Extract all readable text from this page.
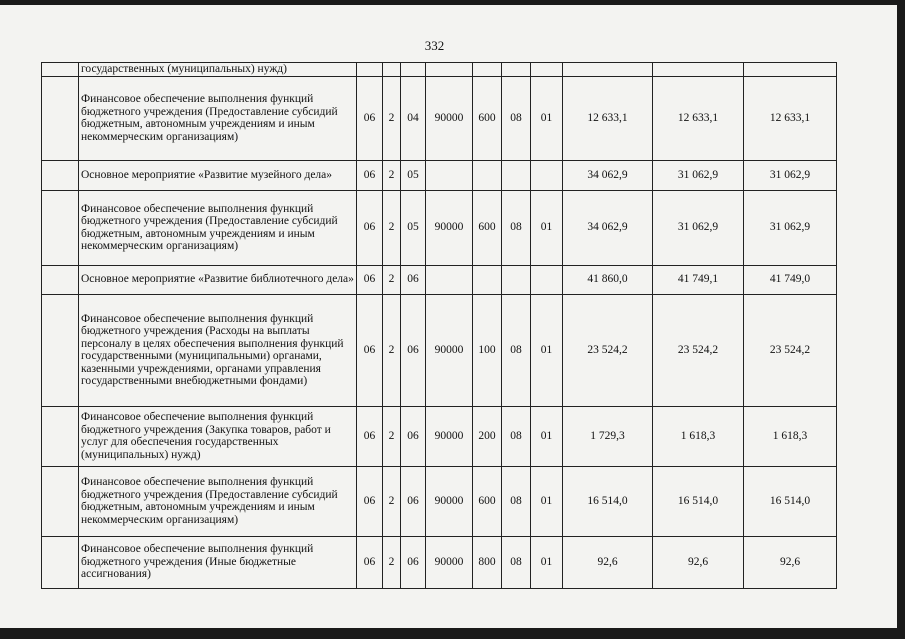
332
	государственных (муниципальных) нужд)										
	Финансовое обеспечение выполнения функций бюджетного учреждения (Предоставление субсидий бюджетным, автономным учреждениям и иным некоммерческим организациям)	06	2	04	90000	600	08	01	12 633,1	12 633,1	12 633,1
	Основное мероприятие «Развитие музейного дела»	06	2	05					34 062,9	31 062,9	31 062,9
	Финансовое обеспечение выполнения функций бюджетного учреждения (Предоставление субсидий бюджетным, автономным учреждениям и иным некоммерческим организациям)	06	2	05	90000	600	08	01	34 062,9	31 062,9	31 062,9
	Основное мероприятие «Развитие библиотечного дела»	06	2	06					41 860,0	41 749,1	41 749,0
	Финансовое обеспечение выполнения функций бюджетного учреждения (Расходы на выплаты персоналу в целях обеспечения выполнения функций государственными (муниципальными) органами, казенными учреждениями, органами управления государственными внебюджетными фондами)	06	2	06	90000	100	08	01	23 524,2	23 524,2	23 524,2
	Финансовое обеспечение выполнения функций бюджетного учреждения (Закупка товаров, работ и услуг для обеспечения государственных (муниципальных) нужд)	06	2	06	90000	200	08	01	1 729,3	1 618,3	1 618,3
	Финансовое обеспечение выполнения функций бюджетного учреждения (Предоставление субсидий бюджетным, автономным учреждениям и иным некоммерческим организациям)	06	2	06	90000	600	08	01	16 514,0	16 514,0	16 514,0
	Финансовое обеспечение выполнения функций бюджетного учреждения (Иные бюджетные ассигнования)	06	2	06	90000	800	08	01	92,6	92,6	92,6
